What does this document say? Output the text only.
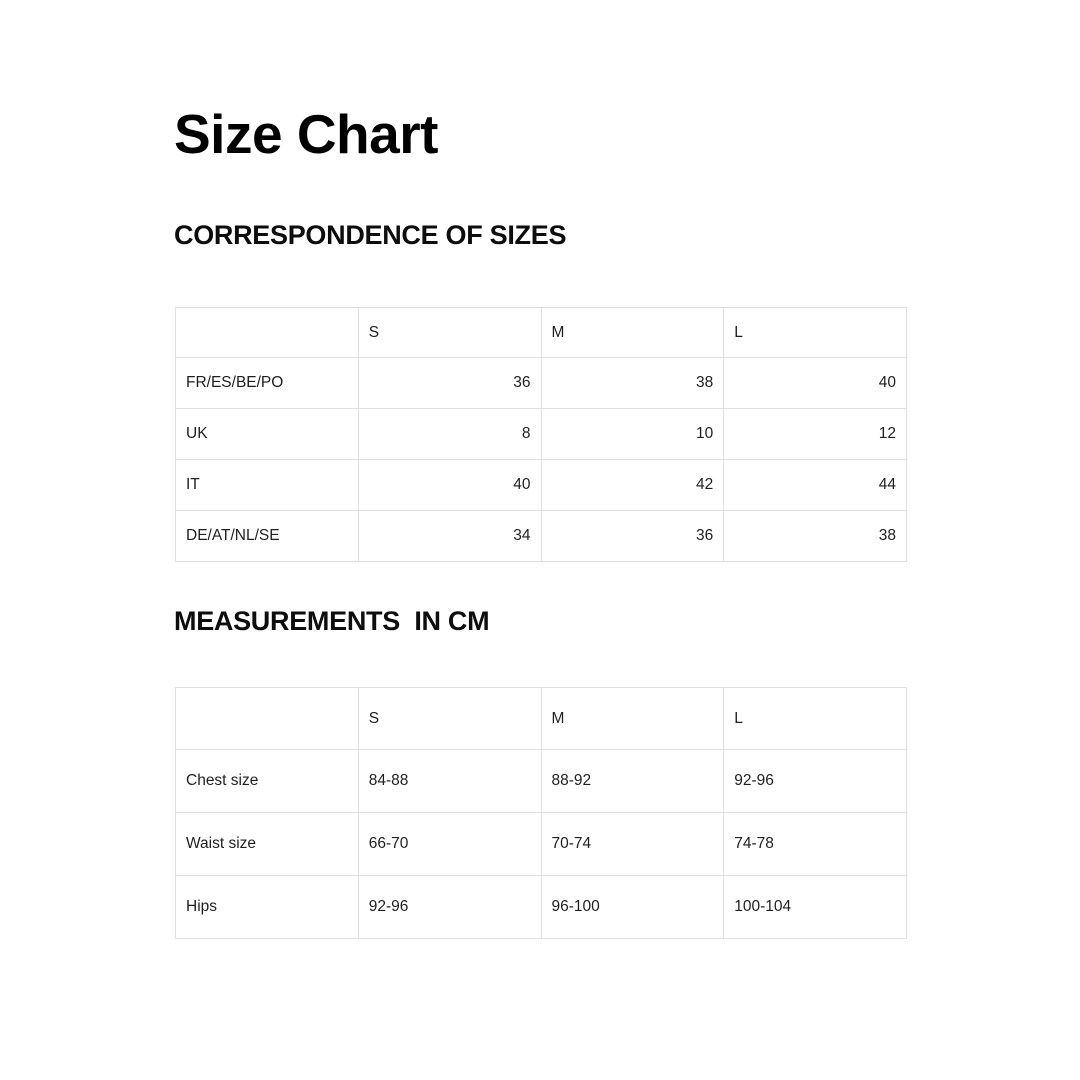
Size Chart
CORRESPONDENCE OF SIZES
	S	M	L
FR/ES/BE/PO	36	38	40
UK	8	10	12
IT	40	42	44
DE/AT/NL/SE	34	36	38
MEASUREMENTS  IN CM
	S	M	L
Chest size	84-88	88-92	92-96
Waist size	66-70	70-74	74-78
Hips	92-96	96-100	100-104
